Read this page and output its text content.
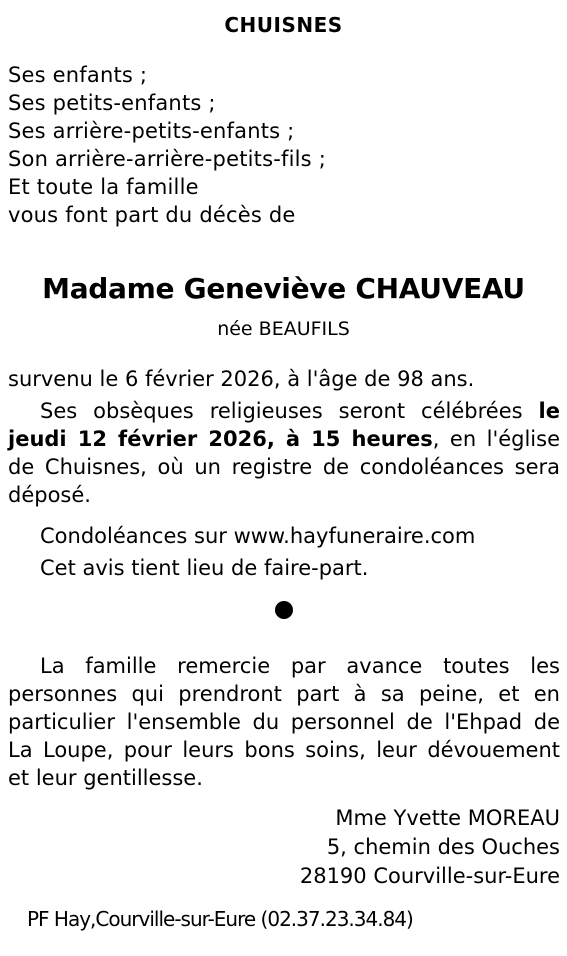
CHUISNES
Ses enfants ;
Ses petits-enfants ;
Ses arrière-petits-enfants ;
Son arrière-arrière-petits-fils ;
Et toute la famille
vous font part du décès de
Madame Geneviève CHAUVEAU
née BEAUFILS
survenu le 6 février 2026, à l'âge de 98 ans.
Ses obsèques religieuses seront célébrées le jeudi 12 février 2026, à 15 heures, en l'église de Chuisnes, où un registre de condoléances sera déposé.
Condoléances sur www.hayfuneraire.com
Cet avis tient lieu de faire-part.
La famille remercie par avance toutes les personnes qui prendront part à sa peine, et en particulier l'ensemble du personnel de l'Ehpad de La Loupe, pour leurs bons soins, leur dévouement et leur gentillesse.
Mme Yvette MOREAU
5, chemin des Ouches
28190 Courville-sur-Eure
PF Hay,Courville-sur-Eure (02.37.23.34.84)
